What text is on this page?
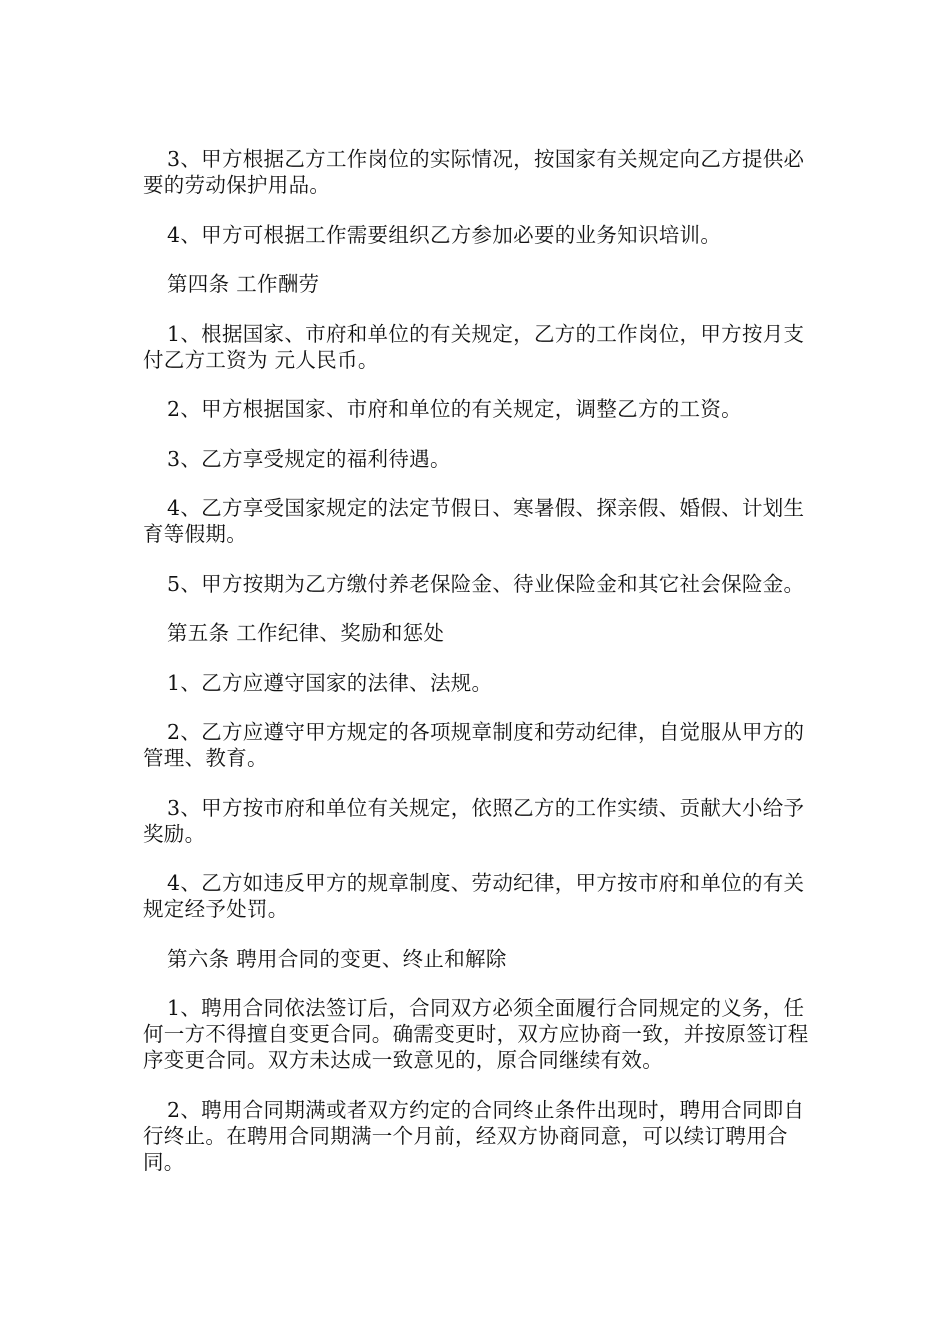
3、甲方根据乙方工作岗位的实际情况，按国家有关规定向乙方提供必要的劳动保护用品。

4、甲方可根据工作需要组织乙方参加必要的业务知识培训。

第四条 工作酬劳

1、根据国家、市府和单位的有关规定，乙方的工作岗位，甲方按月支付乙方工资为 元人民币。

2、甲方根据国家、市府和单位的有关规定，调整乙方的工资。

3、乙方享受规定的福利待遇。

4、乙方享受国家规定的法定节假日、寒暑假、探亲假、婚假、计划生育等假期。

5、甲方按期为乙方缴付养老保险金、待业保险金和其它社会保险金。

第五条 工作纪律、奖励和惩处

1、乙方应遵守国家的法律、法规。

2、乙方应遵守甲方规定的各项规章制度和劳动纪律，自觉服从甲方的管理、教育。

3、甲方按市府和单位有关规定，依照乙方的工作实绩、贡献大小给予奖励。

4、乙方如违反甲方的规章制度、劳动纪律，甲方按市府和单位的有关规定经予处罚。

第六条 聘用合同的变更、终止和解除

1、聘用合同依法签订后，合同双方必须全面履行合同规定的义务，任何一方不得擅自变更合同。确需变更时，双方应协商一致，并按原签订程序变更合同。双方未达成一致意见的，原合同继续有效。

2、聘用合同期满或者双方约定的合同终止条件出现时，聘用合同即自行终止。在聘用合同期满一个月前，经双方协商同意，可以续订聘用合同。
